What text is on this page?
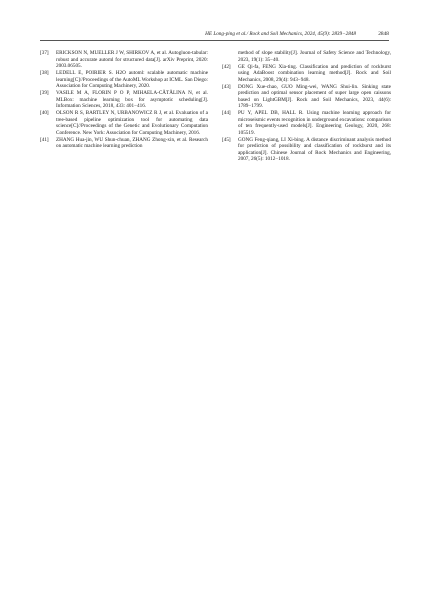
HE Long-ping et al./ Rock and Soil Mechanics, 2024, 45(9): 2839−2848	2848
[37] ERICKSON N, MUELLER J W, SHIRKOV A, et al. Autogluon-tabular: robust and accurate automl for structured data[J]. arXiv Preprint, 2020: 2003.06505.
[38] LEDELL E, POIRIER S. H2O automl: scalable automatic machine learning[C]//Proceedings of the AutoML Workshop at ICML. San Diego: Association for Computing Machinery, 2020.
[39] VASILE M A, FLORIN P O P, MIHAELA-CĂTĂLINA N, et al. MLBox: machine learning box for asymptotic scheduling[J]. Information Sciences, 2018, 433: 401−416.
[40] OLSON R S, BARTLEY N, URBANOWICZ R J, et al. Evaluation of a tree-based pipeline optimization tool for automating data science[C]//Proceedings of the Genetic and Evolutionary Computation Conference. New York: Association for Computing Machinery, 2016.
[41] ZHANG Hua-jin, WU Shun-chuan, ZHANG Zhong-xin, et al. Research on automatic machine learning prediction
method of slope stability[J]. Journal of Safety Science and Technology, 2023, 19(1): 35−40.
[42] GE Qi-fa, FENG Xia-ting. Classification and prediction of rockburst using AdaBoost combination learning method[J]. Rock and Soil Mechanics, 2008, 29(4): 943−948.
[43] DONG Xue-chao, GUO Ming-wei, WANG Shui-lin. Sinking state prediction and optimal sensor placement of super large open caissons based on LightGBM[J]. Rock and Soil Mechanics, 2023, 44(6): 1789−1799.
[44] PU Y, APEL DB, HALL R. Using machine learning approach for microseismic events recognition in underground excavations: comparison of ten frequently-used models[J]. Engineering Geology, 2020, 268: 105519.
[45] GONG Feng-qiang, LI Xi-bing. A distance discriminant analysis method for prediction of possibility and classification of rockburst and its application[J]. Chinese Journal of Rock Mechanics and Engineering, 2007, 26(5): 1012−1018.
